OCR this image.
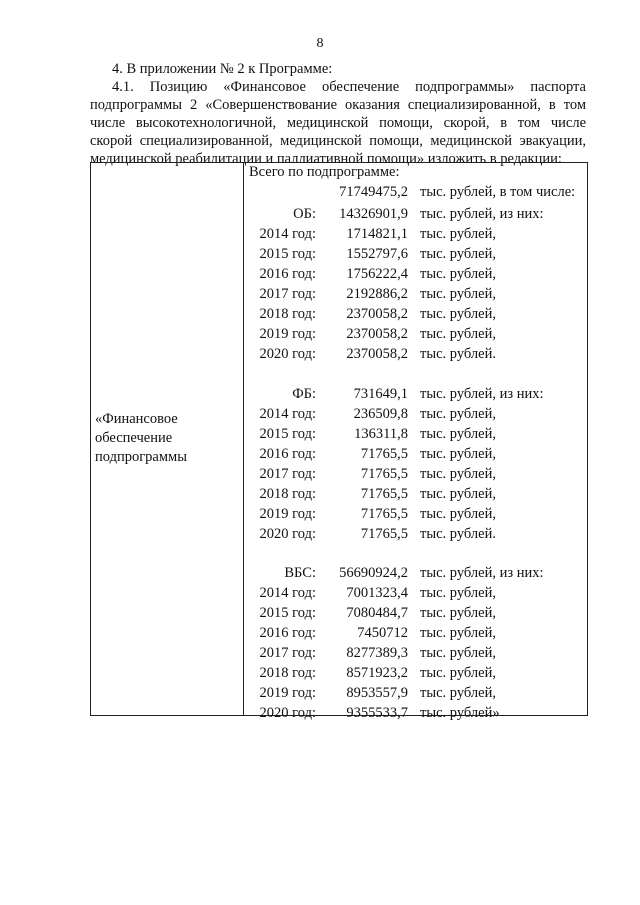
8
4. В приложении № 2 к Программе:
4.1. Позицию «Финансовое обеспечение подпрограммы» паспорта
подпрограммы 2 «Совершенствование оказания специализированной, в том
числе высокотехнологичной, медицинской помощи, скорой, в том числе
скорой специализированной, медицинской помощи, медицинской эвакуации,
медицинской реабилитации и паллиативной помощи» изложить в редакции:
«Финансовое
обеспечение
подпрограммы
Всего по подпрограмме:
71749475,2 тыс. рублей, в том числе:
ОБ: 14326901,9 тыс. рублей, из них:
2014 год: 1714821,1 тыс. рублей,
2015 год: 1552797,6 тыс. рублей,
2016 год: 1756222,4 тыс. рублей,
2017 год: 2192886,2 тыс. рублей,
2018 год: 2370058,2 тыс. рублей,
2019 год: 2370058,2 тыс. рублей,
2020 год: 2370058,2 тыс. рублей.
ФБ:	731649,1 тыс. рублей, из них:
2014 год:	236509,8 тыс. рублей,
2015 год:	136311,8 тыс. рублей,
2016 год:	71765,5 тыс. рублей,
2017 год:	71765,5 тыс. рублей,
2018 год:	71765,5 тыс. рублей,
2019 год:	71765,5 тыс. рублей,
2020 год:	71765,5 тыс. рублей.
ВБС: 56690924,2 тыс. рублей, из них:
2014 год: 7001323,4 тыс. рублей,
2015 год: 7080484,7 тыс. рублей,
2016 год:	7450712 тыс. рублей,
2017 год: 8277389,3 тыс. рублей,
2018 год: 8571923,2 тыс. рублей,
2019 год: 8953557,9 тыс. рублей,
2020 год: 9355533,7 тыс. рублей»
